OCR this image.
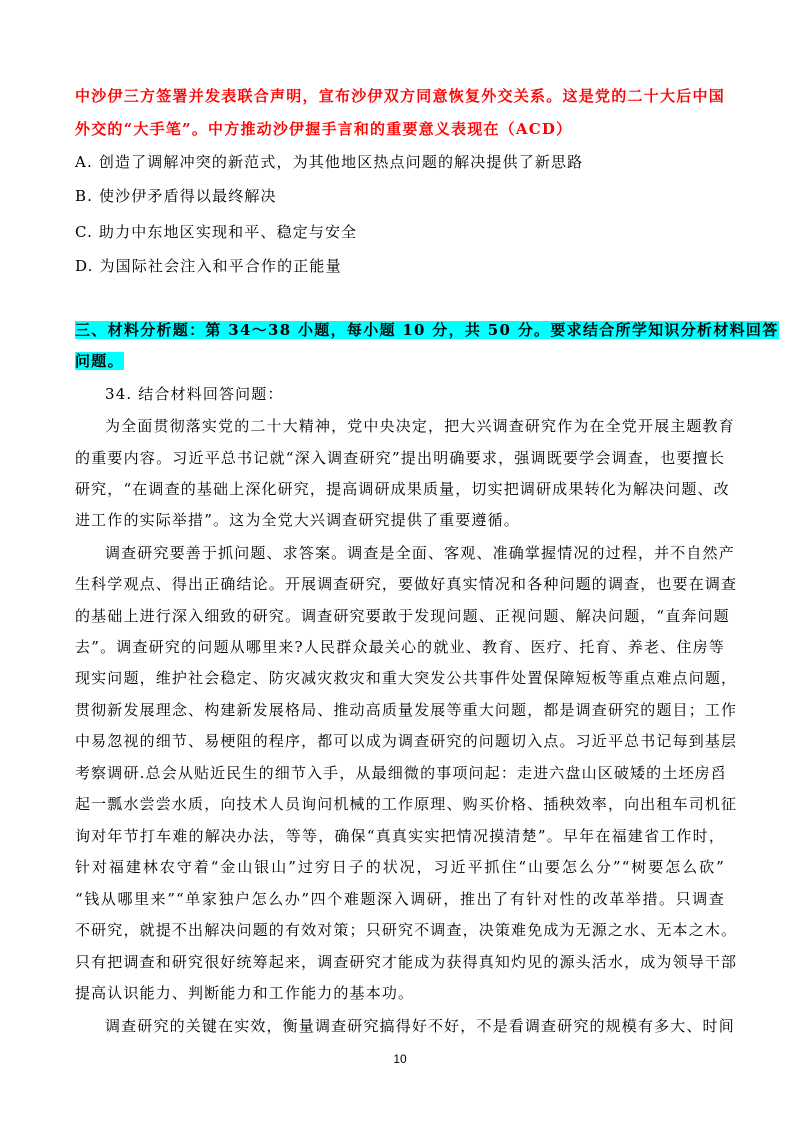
中沙伊三方签署并发表联合声明，宣布沙伊双方同意恢复外交关系。这是党的二十大后中国
外交的“大手笔”。中方推动沙伊握手言和的重要意义表现在（ACD）
A. 创造了调解冲突的新范式，为其他地区热点问题的解决提供了新思路
B. 使沙伊矛盾得以最终解决
C. 助力中东地区实现和平、稳定与安全
D. 为国际社会注入和平合作的正能量
三、材料分析题：第 34～38 小题，每小题 10 分，共 50 分。要求结合所学知识分析材料回答
问题。
34. 结合材料回答问题：
为全面贯彻落实党的二十大精神，党中央决定，把大兴调查研究作为在全党开展主题教育
的重要内容。习近平总书记就“深入调查研究”提出明确要求，强调既要学会调查，也要擅长
研究，“在调查的基础上深化研究，提高调研成果质量，切实把调研成果转化为解决问题、改
进工作的实际举措”。这为全党大兴调查研究提供了重要遵循。
调查研究要善于抓问题、求答案。调查是全面、客观、准确掌握情况的过程，并不自然产
生科学观点、得出正确结论。开展调查研究，要做好真实情况和各种问题的调查，也要在调查
的基础上进行深入细致的研究。调查研究要敢于发现问题、正视问题、解决问题，“直奔问题
去”。调查研究的问题从哪里来?人民群众最关心的就业、教育、医疗、托育、养老、住房等
现实问题，维护社会稳定、防灾减灾救灾和重大突发公共事件处置保障短板等重点难点问题，
贯彻新发展理念、构建新发展格局、推动高质量发展等重大问题，都是调查研究的题目；工作
中易忽视的细节、易梗阻的程序，都可以成为调查研究的问题切入点。习近平总书记每到基层
考察调研.总会从贴近民生的细节入手，从最细微的事项问起：走进六盘山区破矮的土坯房舀
起一瓢水尝尝水质，向技术人员询问机械的工作原理、购买价格、插秧效率，向出租车司机征
询对年节打车难的解决办法，等等，确保“真真实实把情况摸清楚”。早年在福建省工作时，
针对福建林农守着“金山银山”过穷日子的状况，习近平抓住“山要怎么分”“树要怎么砍”
“钱从哪里来”“单家独户怎么办”四个难题深入调研，推出了有针对性的改革举措。只调查
不研究，就提不出解决问题的有效对策；只研究不调查，决策难免成为无源之水、无本之木。
只有把调查和研究很好统筹起来，调查研究才能成为获得真知灼见的源头活水，成为领导干部
提高认识能力、判断能力和工作能力的基本功。
调查研究的关键在实效，衡量调查研究搞得好不好，不是看调查研究的规模有多大、时间
10
